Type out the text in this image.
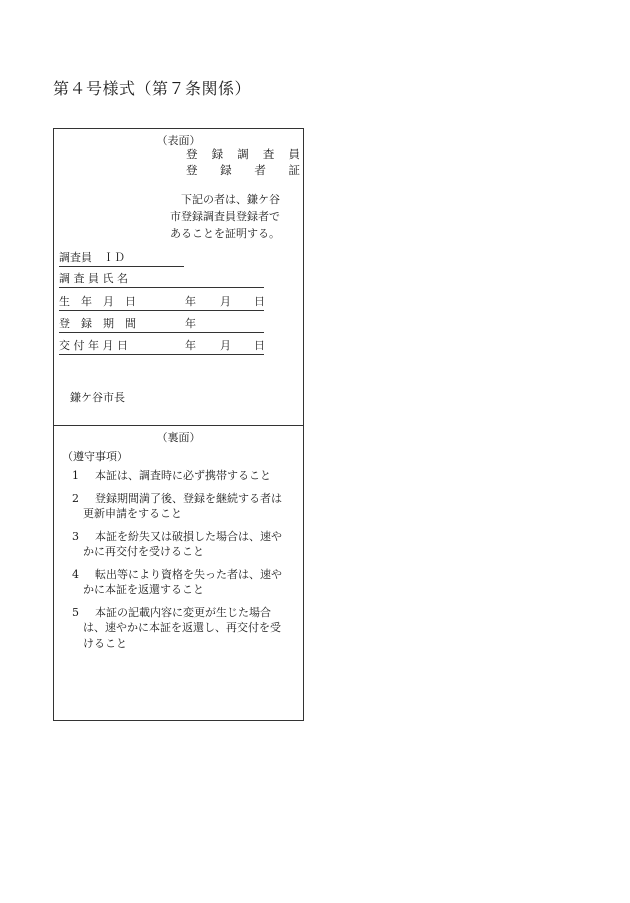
第４号様式（第７条関係）
（表面）
登 録 調 査 員
登 録 者 証
下記の者は、鎌ケ谷
市登録調査員登録者で
あることを証明する。
調査員　ＩＤ
調 査 員 氏 名
生　年　月　日	年 月 日
登　録　期　間	年
交 付 年 月 日	年 月 日
鎌ケ谷市長
（裏面）
（遵守事項）
1 本証は、調査時に必ず携帯すること
2 登録期間満了後、登録を継続する者は
更新申請をすること
3 本証を紛失又は破損した場合は、速や
かに再交付を受けること
4 転出等により資格を失った者は、速や
かに本証を返還すること
5 本証の記載内容に変更が生じた場合
は、速やかに本証を返還し、再交付を受
けること
